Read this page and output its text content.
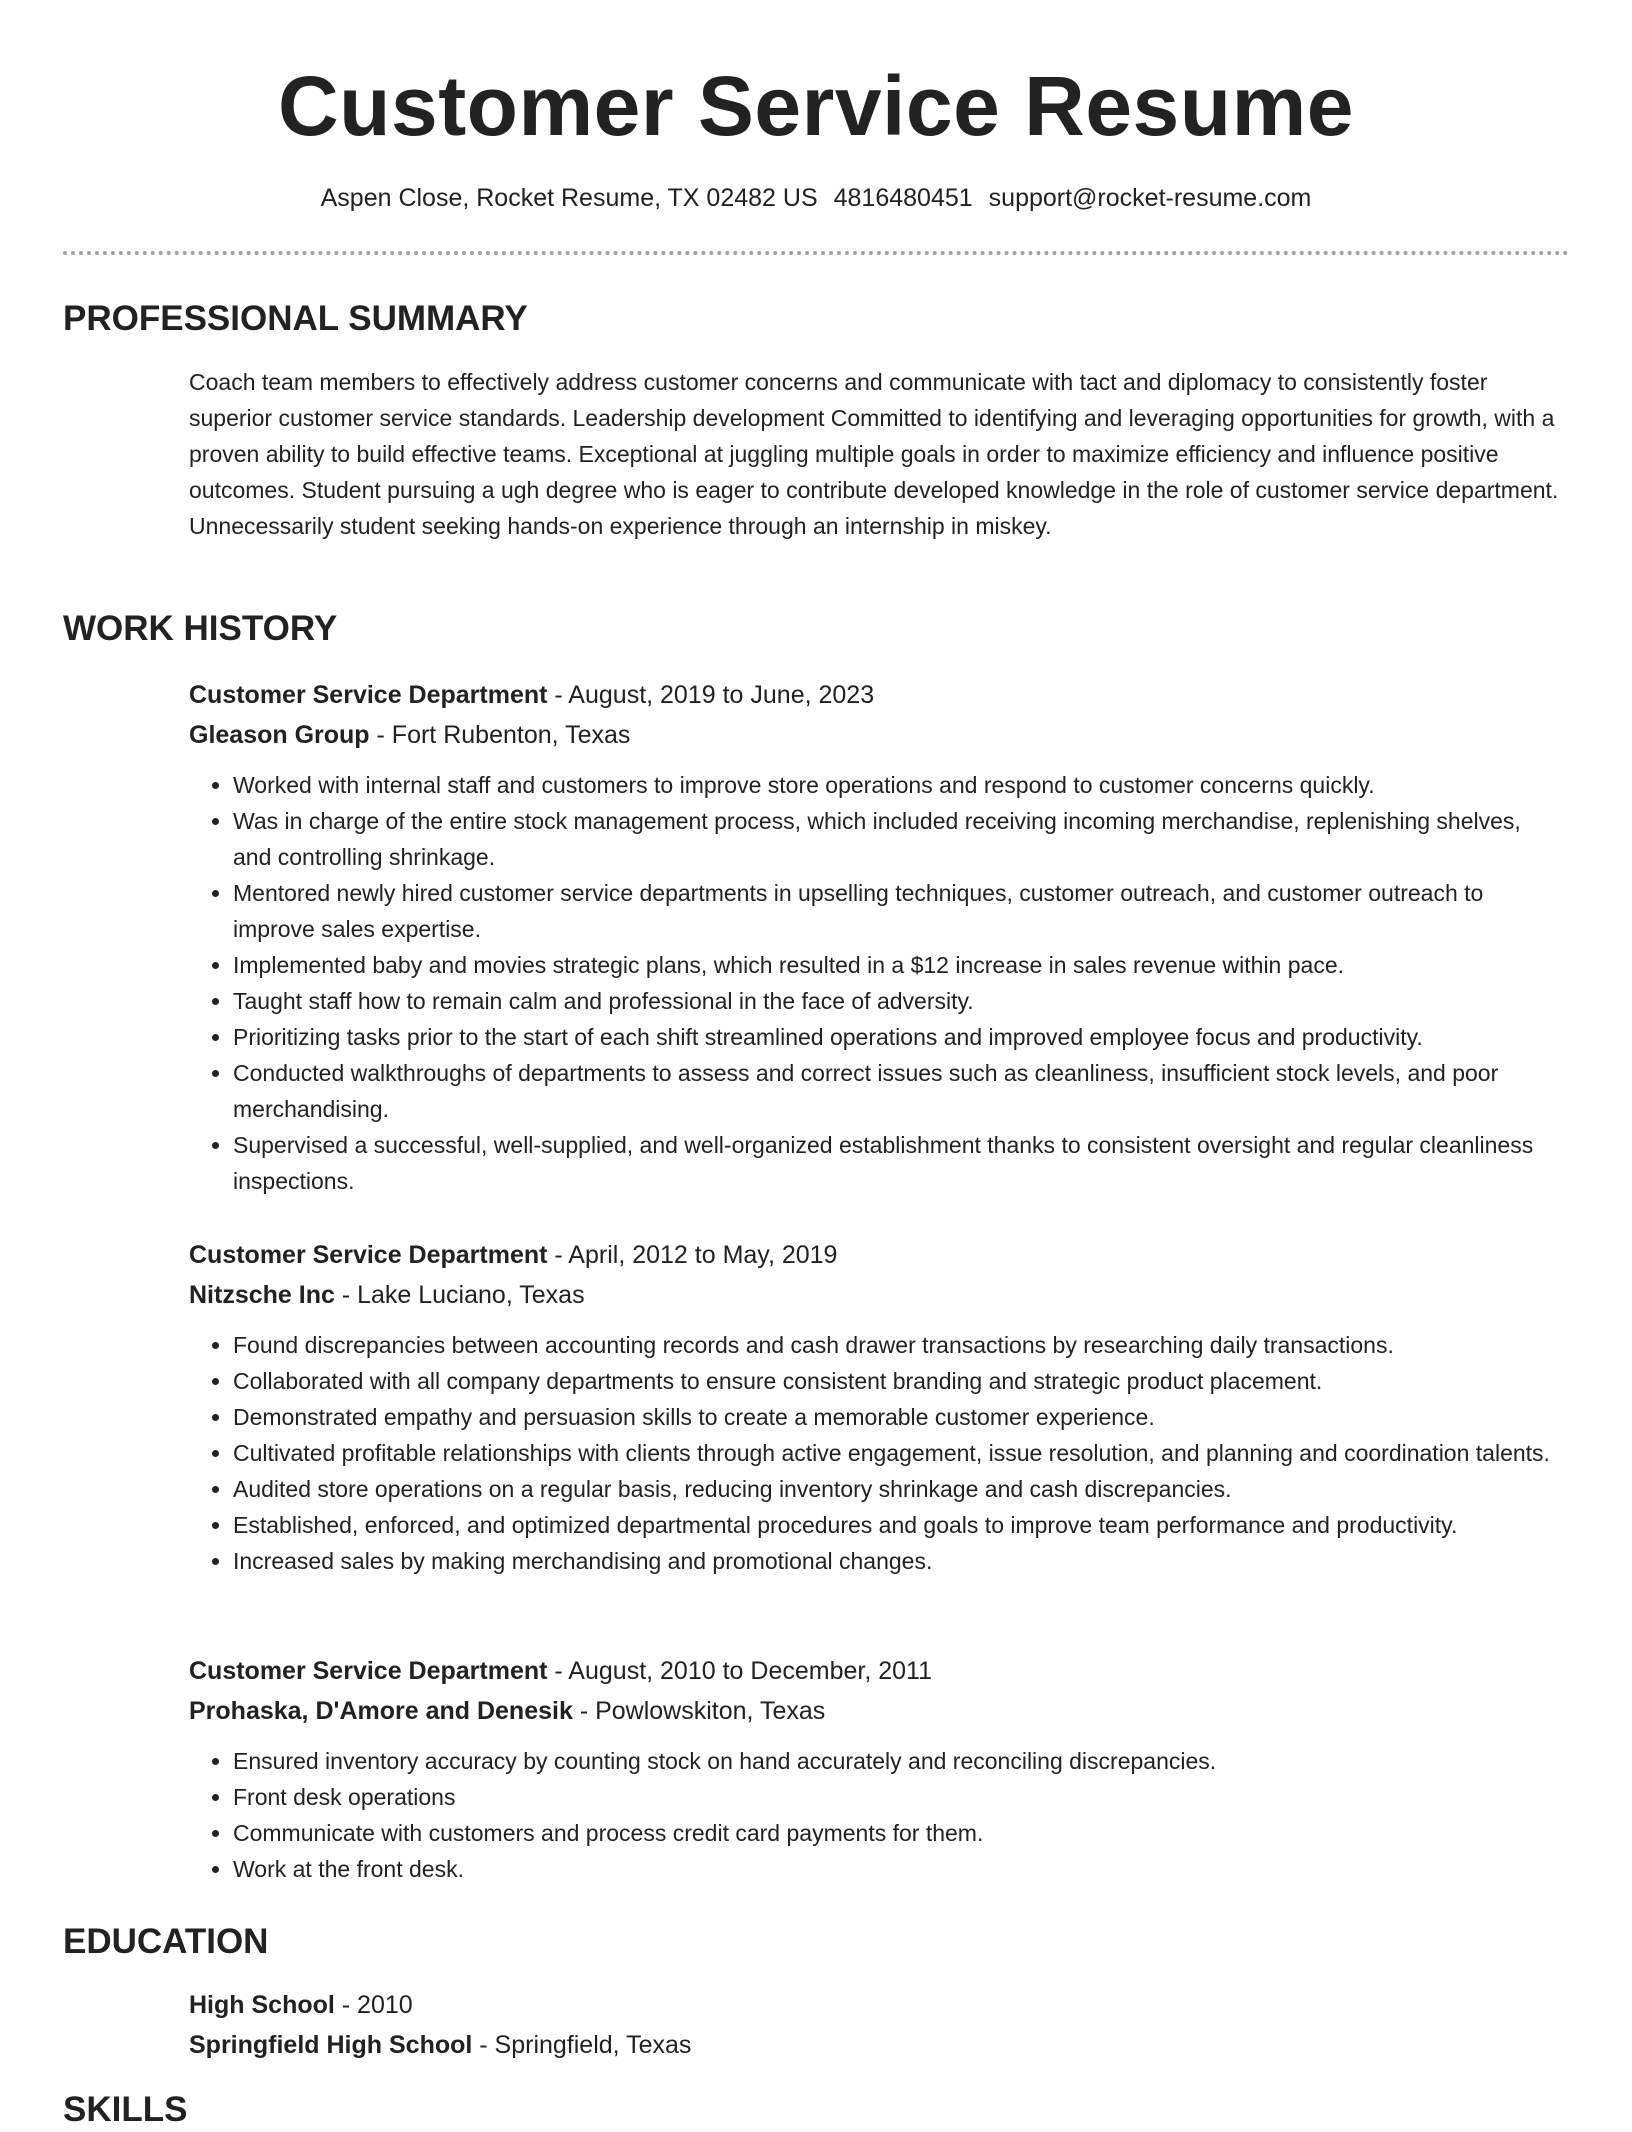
Customer Service Resume
Aspen Close, Rocket Resume, TX 02482 US 4816480451 support@rocket-resume.com
PROFESSIONAL SUMMARY

Coach team members to effectively address customer concerns and communicate with tact and diplomacy to consistently foster superior customer service standards. Leadership development Committed to identifying and leveraging opportunities for growth, with a proven ability to build effective teams. Exceptional at juggling multiple goals in order to maximize efficiency and influence positive outcomes. Student pursuing a ugh degree who is eager to contribute developed knowledge in the role of customer service department. Unnecessarily student seeking hands-on experience through an internship in miskey.

WORK HISTORY
Customer Service Department - August, 2019 to June, 2023
Gleason Group - Fort Rubenton, Texas
• Worked with internal staff and customers to improve store operations and respond to customer concerns quickly.
• Was in charge of the entire stock management process, which included receiving incoming merchandise, replenishing shelves, and controlling shrinkage.
• Mentored newly hired customer service departments in upselling techniques, customer outreach, and customer outreach to improve sales expertise.
• Implemented baby and movies strategic plans, which resulted in a $12 increase in sales revenue within pace.
• Taught staff how to remain calm and professional in the face of adversity.
• Prioritizing tasks prior to the start of each shift streamlined operations and improved employee focus and productivity.
• Conducted walkthroughs of departments to assess and correct issues such as cleanliness, insufficient stock levels, and poor merchandising.
• Supervised a successful, well-supplied, and well-organized establishment thanks to consistent oversight and regular cleanliness inspections.
Customer Service Department - April, 2012 to May, 2019
Nitzsche Inc - Lake Luciano, Texas
• Found discrepancies between accounting records and cash drawer transactions by researching daily transactions.
• Collaborated with all company departments to ensure consistent branding and strategic product placement.
• Demonstrated empathy and persuasion skills to create a memorable customer experience.
• Cultivated profitable relationships with clients through active engagement, issue resolution, and planning and coordination talents.
• Audited store operations on a regular basis, reducing inventory shrinkage and cash discrepancies.
• Established, enforced, and optimized departmental procedures and goals to improve team performance and productivity.
• Increased sales by making merchandising and promotional changes.
Customer Service Department - August, 2010 to December, 2011
Prohaska, D'Amore and Denesik - Powlowskiton, Texas
• Ensured inventory accuracy by counting stock on hand accurately and reconciling discrepancies.
• Front desk operations
• Communicate with customers and process credit card payments for them.
• Work at the front desk.
EDUCATION
High School - 2010
Springfield High School - Springfield, Texas
SKILLS
